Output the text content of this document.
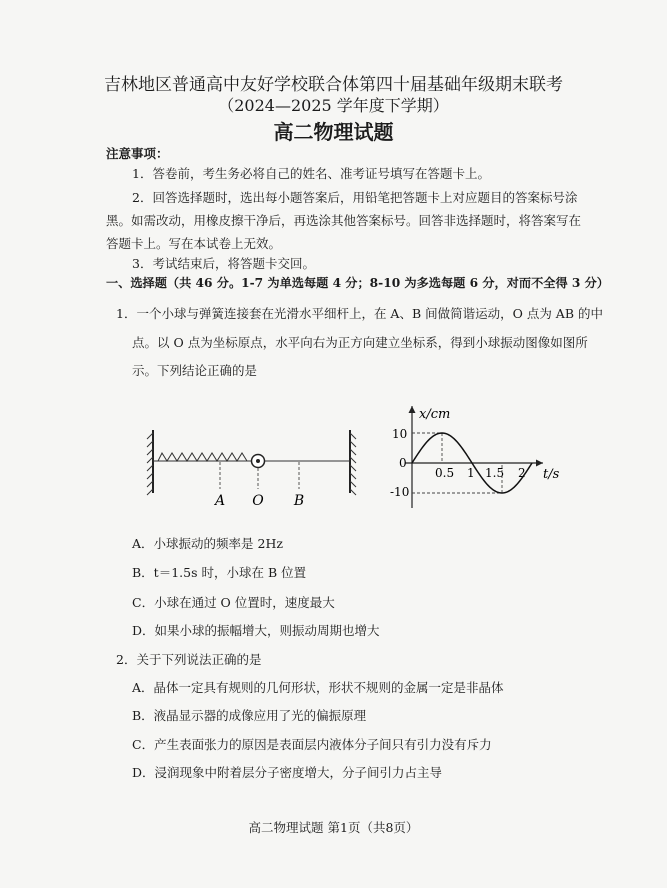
吉林地区普通高中友好学校联合体第四十届基础年级期末联考
（2024—2025 学年度下学期）
高二物理试题
注意事项：
1．答卷前，考生务必将自己的姓名、准考证号填写在答题卡上。
2．回答选择题时，选出每小题答案后，用铅笔把答题卡上对应题目的答案标号涂
黑。如需改动，用橡皮擦干净后，再选涂其他答案标号。回答非选择题时，将答案写在
答题卡上。写在本试卷上无效。
3．考试结束后，将答题卡交回。
一、选择题（共 46 分。1-7 为单选每题 4 分；8-10 为多选每题 6 分，对而不全得 3 分）
1．一个小球与弹簧连接套在光滑水平细杆上，在 A、B 间做简谐运动，O 点为 AB 的中
点。以 O 点为坐标原点，水平向右为正方向建立坐标系，得到小球振动图像如图所
示。下列结论正确的是
A O B
x/cm
t/s
0
10
-10
0.5 1 1.5 2
A．小球振动的频率是 2Hz
B．t＝1.5s 时，小球在 B 位置
C．小球在通过 O 位置时，速度最大
D．如果小球的振幅增大，则振动周期也增大
2．关于下列说法正确的是
A．晶体一定具有规则的几何形状，形状不规则的金属一定是非晶体
B．液晶显示器的成像应用了光的偏振原理
C．产生表面张力的原因是表面层内液体分子间只有引力没有斥力
D．浸润现象中附着层分子密度增大，分子间引力占主导
高二物理试题 第1页（共8页）
